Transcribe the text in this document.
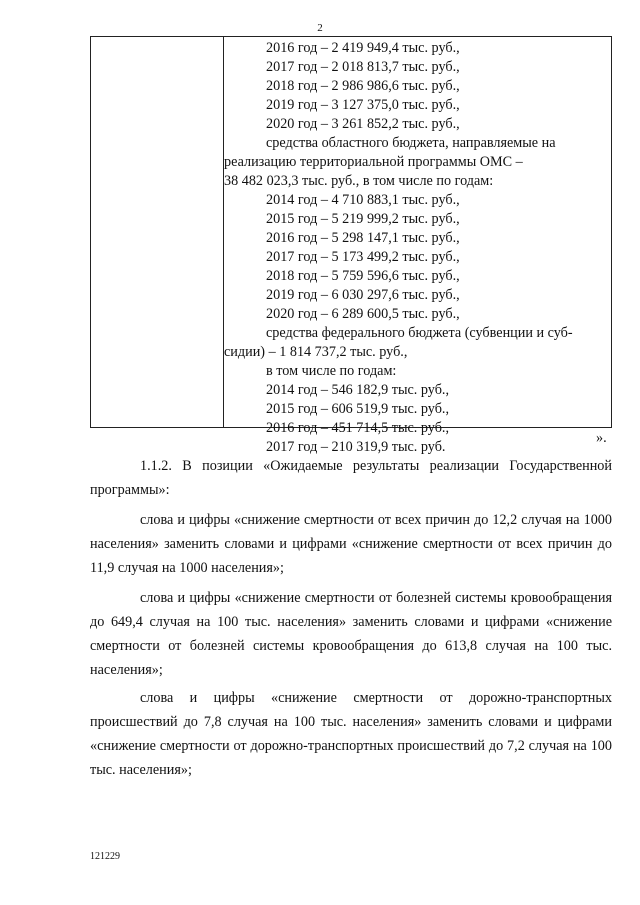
2
2016 год – 2 419 949,4 тыс. руб.,
2017 год – 2 018 813,7 тыс. руб.,
2018 год – 2 986 986,6 тыс. руб.,
2019 год – 3 127 375,0 тыс. руб.,
2020 год – 3 261 852,2 тыс. руб.,
средства областного бюджета, направляемые на
реализацию территориальной программы ОМС –
38 482 023,3 тыс. руб., в том числе по годам:
2014 год – 4 710 883,1 тыс. руб.,
2015 год – 5 219 999,2 тыс. руб.,
2016 год – 5 298 147,1 тыс. руб.,
2017 год – 5 173 499,2 тыс. руб.,
2018 год – 5 759 596,6 тыс. руб.,
2019 год – 6 030 297,6 тыс. руб.,
2020 год – 6 289 600,5 тыс. руб.,
средства федерального бюджета (субвенции и суб-
сидии) – 1 814 737,2 тыс. руб.,
в том числе по годам:
2014 год – 546 182,9 тыс. руб.,
2015 год – 606 519,9 тыс. руб.,
2016 год – 451 714,5 тыс. руб.,
2017 год – 210 319,9 тыс. руб.
».

1.1.2. В позиции «Ожидаемые результаты реализации Государственной программы»:

слова и цифры «снижение смертности от всех причин до 12,2 случая на 1000 населения» заменить словами и цифрами «снижение смертности от всех причин до 11,9 случая на 1000 населения»;

слова и цифры «снижение смертности от болезней системы кровообращения до 649,4 случая на 100 тыс. населения» заменить словами и цифрами «снижение смертности от болезней системы кровообращения до 613,8 случая на 100 тыс. населения»;

слова и цифры «снижение смертности от дорожно-транспортных происшествий до 7,8 случая на 100 тыс. населения» заменить словами и цифрами «снижение смертности от дорожно-транспортных происшествий до 7,2 случая на 100 тыс. населения»;

121229
